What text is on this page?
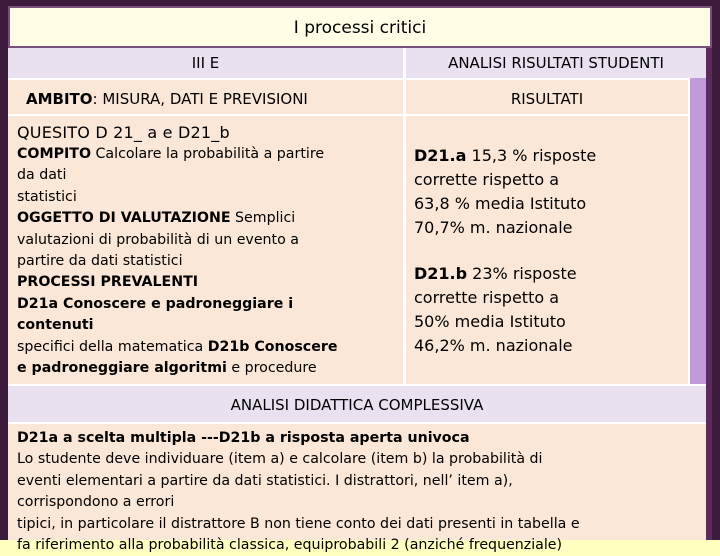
I processi critici
III E	ANALISI RISULTATI STUDENTI
AMBITO: MISURA, DATI E PREVISIONI	RISULTATI
QUESITO D 21_ a e D21_b
COMPITO Calcolare la probabilità a partire
da dati
statistici
OGGETTO DI VALUTAZIONE Semplici
valutazioni di probabilità di un evento a
partire da dati statistici
PROCESSI PREVALENTI
D21a Conoscere e padroneggiare i
contenuti
specifici della matematica D21b Conoscere
e padroneggiare algoritmi e procedure
D21.a 15,3 % risposte
corrette rispetto a
63,8 % media Istituto
70,7% m. nazionale
D21.b 23% risposte
corrette rispetto a
50% media Istituto
46,2% m. nazionale
ANALISI DIDATTICA COMPLESSIVA
D21a a scelta multipla ---D21b a risposta aperta univoca
Lo studente deve individuare (item a) e calcolare (item b) la probabilità di
eventi elementari a partire da dati statistici. I distrattori, nell’ item a),
corrispondono a errori
tipici, in particolare il distrattore B non tiene conto dei dati presenti in tabella e
fa riferimento alla probabilità classica, equiprobabili 2 (anziché frequenziale)
